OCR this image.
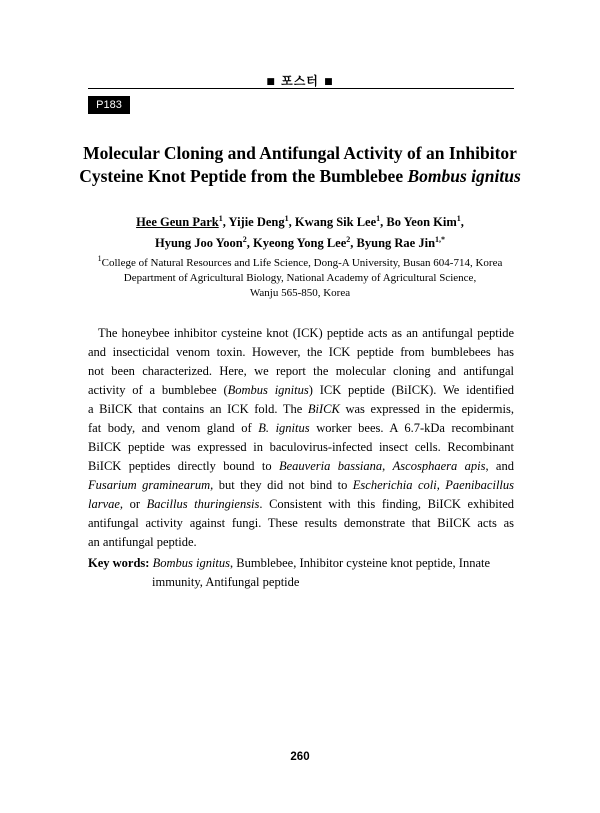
■ 포스터 ■
P183
Molecular Cloning and Antifungal Activity of an Inhibitor
Cysteine Knot Peptide from the Bumblebee Bombus ignitus
Hee Geun Park$^1$, Yijie Deng$^1$, Kwang Sik Lee$^1$, Bo Yeon Kim$^1$,
Hyung Joo Yoon$^2$, Kyeong Yong Lee$^2$, Byung Rae Jin$^{1,*}$
$^1$College of Natural Resources and Life Science, Dong-A University, Busan 604-714, Korea
Department of Agricultural Biology, National Academy of Agricultural Science,
Wanju 565-850, Korea
The honeybee inhibitor cysteine knot (ICK) peptide acts as an antifungal peptide
and insecticidal venom toxin. However, the ICK peptide from bumblebees has
not been characterized. Here, we report the molecular cloning and antifungal
activity of a bumblebee (Bombus ignitus) ICK peptide (BiICK). We identified
a BiICK that contains an ICK fold. The BiICK was expressed in the epidermis,
fat body, and venom gland of B. ignitus worker bees. A 6.7-kDa recombinant
BiICK peptide was expressed in baculovirus-infected insect cells. Recombinant
BiICK peptides directly bound to Beauveria bassiana, Ascosphaera apis, and
Fusarium graminearum, but they did not bind to Escherichia coli, Paenibacillus
larvae, or Bacillus thuringiensis. Consistent with this finding, BiICK exhibited
antifungal activity against fungi. These results demonstrate that BiICK acts as
an antifungal peptide.
Key words: Bombus ignitus, Bumblebee, Inhibitor cysteine knot peptide, Innate
immunity, Antifungal peptide
260
